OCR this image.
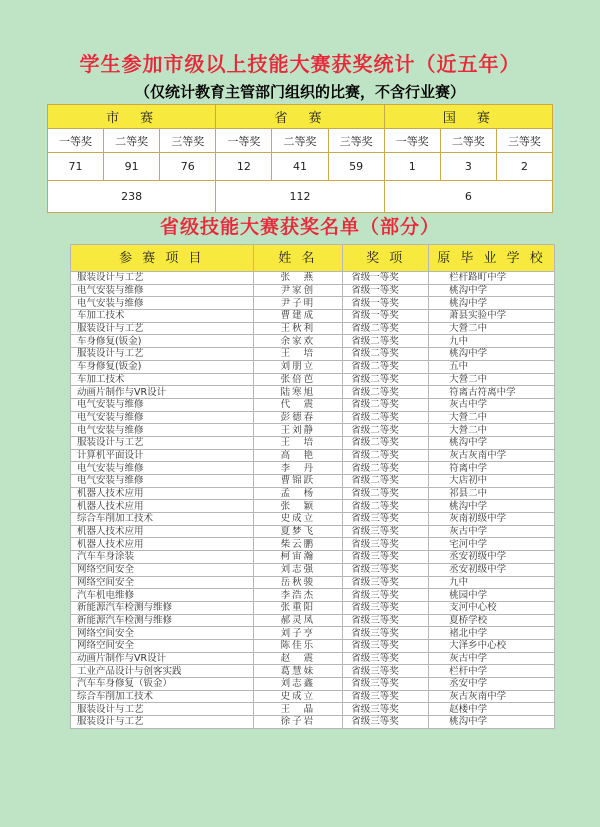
学生参加市级以上技能大赛获奖统计（近五年）
（仅统计教育主管部门组织的比赛，不含行业赛）
市　赛			省　赛			国　赛		
一等奖	二等奖	三等奖	一等奖	二等奖	三等奖	一等奖	二等奖	三等奖
71	91	76	12	41	59	1	3	2
238			112			6		
省级技能大赛获奖名单（部分）
参 赛 项 目	姓 名	奖 项	原 毕 业 学 校
服装设计与工艺	张　燕	省级一等奖	栏杆路町中学
电气安装与维修	尹家创	省级一等奖	桃沟中学
电气安装与维修	尹子明	省级一等奖	桃沟中学
车加工技术	曹建成	省级一等奖	萧县实验中学
服装设计与工艺	王秋利	省级二等奖	大營二中
车身修复(钣金)	余家欢	省级二等奖	九中
服装设计与工艺	王　培	省级二等奖	桃沟中学
车身修复(钣金)	刘朋立	省级二等奖	五中
车加工技术	张倍芭	省级二等奖	大營二中
动画片制作与VR设计	陆寒旭	省级二等奖	符离古符离中学
电气安装与维修	代　震	省级二等奖	灰古中学
电气安装与维修	彭德春	省级二等奖	大營二中
电气安装与维修	王刘静	省级二等奖	大營二中
服装设计与工艺	王　培	省级二等奖	桃沟中学
计算机平面设计	高　艳	省级二等奖	灰古灰南中学
电气安装与维修	李　丹	省级二等奖	符离中学
电气安装与维修	曹锦跃	省级二等奖	大店初中
机器人技术应用	孟　杨	省级二等奖	祁县二中
机器人技术应用	张　颖	省级二等奖	桃沟中学
综合车削加工技术	史成立	省级三等奖	灰南初级中学
机器人技术应用	夏梦飞	省级三等奖	灰古中学
机器人技术应用	柴云鹏	省级三等奖	宅河中学
汽车车身涂装	柯宙瀚	省级三等奖	丞安初级中学
网络空间安全	刘志强	省级三等奖	丞安初级中学
网络空间安全	岳秋骏	省级三等奖	九中
汽车机电维修	李浩杰	省级三等奖	桃园中学
新能源汽车检测与维修	张重阳	省级三等奖	支河中心校
新能源汽车检测与维修	郝灵凤	省级三等奖	夏桥学校
网络空间安全	刘子亨	省级三等奖	褚北中学
网络空间安全	陈佳乐	省级三等奖	大泽乡中心校
动画片制作与VR设计	赵　震	省级三等奖	灰古中学
工业产品设计与创客实践	葛慧妹	省级三等奖	栏杆中学
汽车车身修复（钣金）	刘志鑫	省级三等奖	丞安中学
综合车削加工技术	史成立	省级三等奖	灰古灰南中学
服装设计与工艺	王　晶	省级三等奖	赵楼中学
服装设计与工艺	徐子岩	省级三等奖	桃沟中学
